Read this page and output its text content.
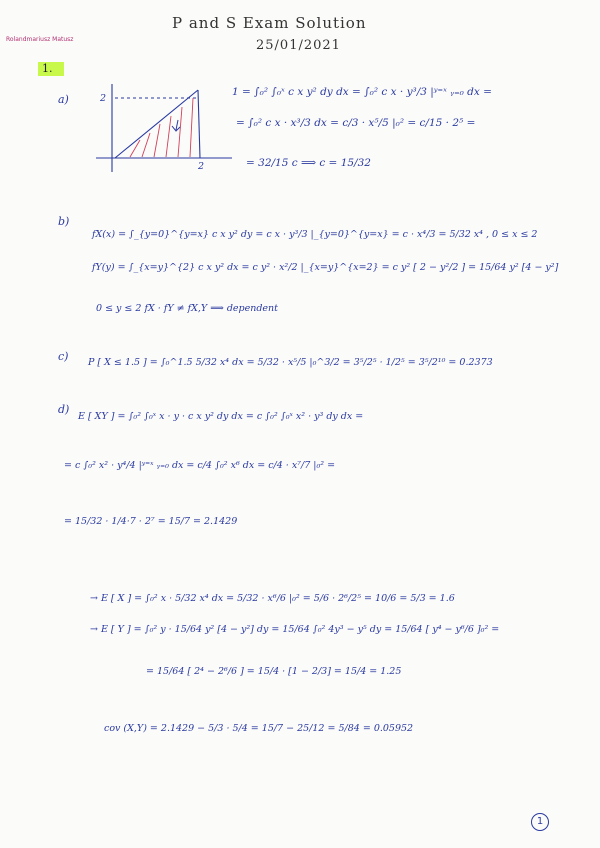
Rolandmariusz Matusz
P and S Exam Solution
25/01/2021
1.
2
2
a)
1 = ∫₀² ∫₀ˣ c x y² dy dx = ∫₀² c x · y³/3 |ʸ⁼ˣ ᵧ₌₀ dx =
= ∫₀² c x · x³/3 dx = c/3 · x⁵/5 |₀² = c/15 · 2⁵ =
= 32/15 c ⟹ c = 15/32
b)
fX(x) = ∫_{y=0}^{y=x} c x y² dy = c x · y³/3 |_{y=0}^{y=x} = c · x⁴/3 = 5/32 x⁴ , 0 ≤ x ≤ 2
fY(y) = ∫_{x=y}^{2} c x y² dx = c y² · x²/2 |_{x=y}^{x=2} = c y² [ 2 − y²/2 ] = 15/64 y² [4 − y²]
0 ≤ y ≤ 2 fX · fY ≠ fX,Y ⟹ dependent
c) P [ X ≤ 1.5 ] = ∫₀^1.5 5/32 x⁴ dx = 5/32 · x⁵/5 |₀^3/2 = 3⁵/2⁵ · 1/2⁵ = 3⁵/2¹⁰ = 0.2373
d)
E [ XY ] = ∫₀² ∫₀ˣ x · y · c x y² dy dx = c ∫₀² ∫₀ˣ x² · y³ dy dx =
= c ∫₀² x² · y⁴/4 |ʸ⁼ˣ ᵧ₌₀ dx = c/4 ∫₀² x⁶ dx = c/4 · x⁷/7 |₀² =
= 15/32 · 1/4·7 · 2⁷ = 15/7 = 2.1429
→ E [ X ] = ∫₀² x · 5/32 x⁴ dx = 5/32 · x⁶/6 |₀² = 5/6 · 2⁶/2⁵ = 10/6 = 5/3 = 1.6
→ E [ Y ] = ∫₀² y · 15/64 y² [4 − y²] dy = 15/64 ∫₀² 4y³ − y⁵ dy = 15/64 [ y⁴ − y⁶/6 ]₀² =
= 15/64 [ 2⁴ − 2⁶/6 ] = 15/4 · [1 − 2/3] = 15/4 = 1.25
cov (X,Y) = 2.1429 − 5/3 · 5/4 = 15/7 − 25/12 = 5/84 = 0.05952
1
